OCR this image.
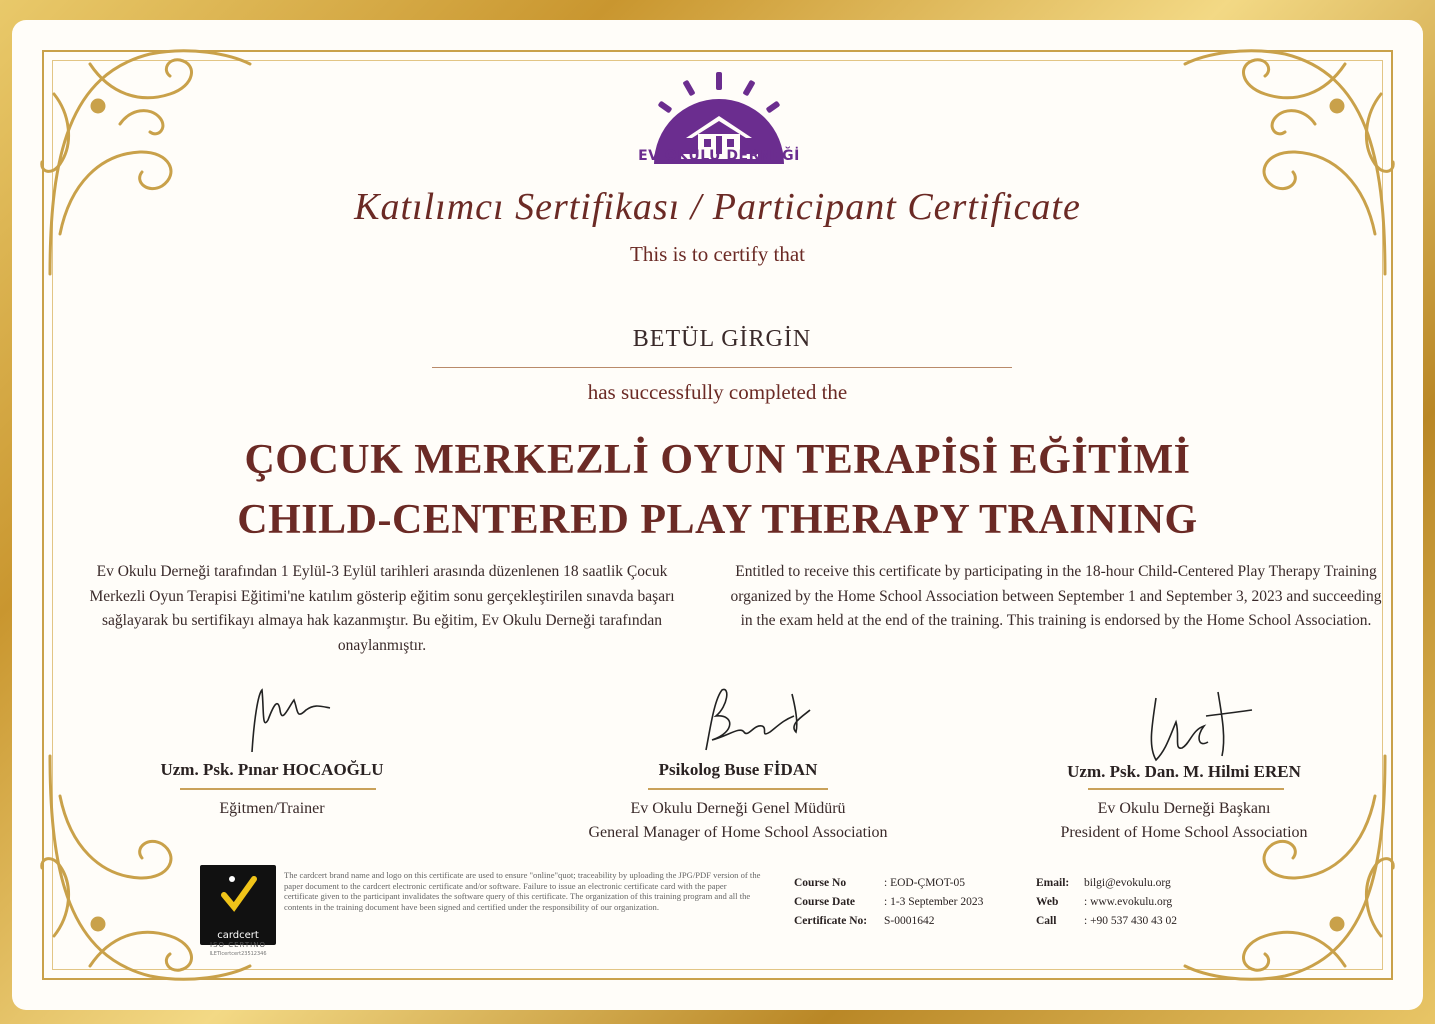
EV OKULU DERNEĞİ
Katılımcı Sertifikası / Participant Certificate
This is to certify that
BETÜL GİRGİN
has successfully completed the
ÇOCUK MERKEZLİ OYUN TERAPİSİ EĞİTİMİ
CHILD-CENTERED PLAY THERAPY TRAINING
Ev Okulu Derneği tarafından 1 Eylül-3 Eylül tarihleri arasında düzenlenen 18 saatlik Çocuk Merkezli Oyun Terapisi Eğitimi'ne katılım gösterip eğitim sonu gerçekleştirilen sınavda başarı sağlayarak bu sertifikayı almaya hak kazanmıştır. Bu eğitim, Ev Okulu Derneği tarafından onaylanmıştır.
Entitled to receive this certificate by participating in the 18-hour Child-Centered Play Therapy Training organized by the Home School Association between September 1 and September 3, 2023 and succeeding in the exam held at the end of the training. This training is endorsed by the Home School Association.
Uzm. Psk. Pınar HOCAOĞLU
Eğitmen/Trainer
Psikolog Buse FİDAN
Ev Okulu Derneği Genel Müdürü
General Manager of Home School Association
Uzm. Psk. Dan. M. Hilmi EREN
Ev Okulu Derneği Başkanı
President of Home School Association
cardcert
ISO CERTINO
ILETIcertcert23512346
The cardcert brand name and logo on this certificate are used to ensure "online"quot; traceability by uploading the JPG/PDF version of the paper document to the cardcert electronic certificate and/or software. Failure to issue an electronic certificate card with the paper certificate given to the participant invalidates the software query of this certificate. The organization of this training program and all the contents in the training document have been signed and certified under the responsibility of our organization.
Course No	: EOD-ÇMOT-05
Course Date	: 1-3 September 2023
Certificate No:	S-0001642
Email:	bilgi@evokulu.org
Web	: www.evokulu.org
Call	: +90 537 430 43 02
